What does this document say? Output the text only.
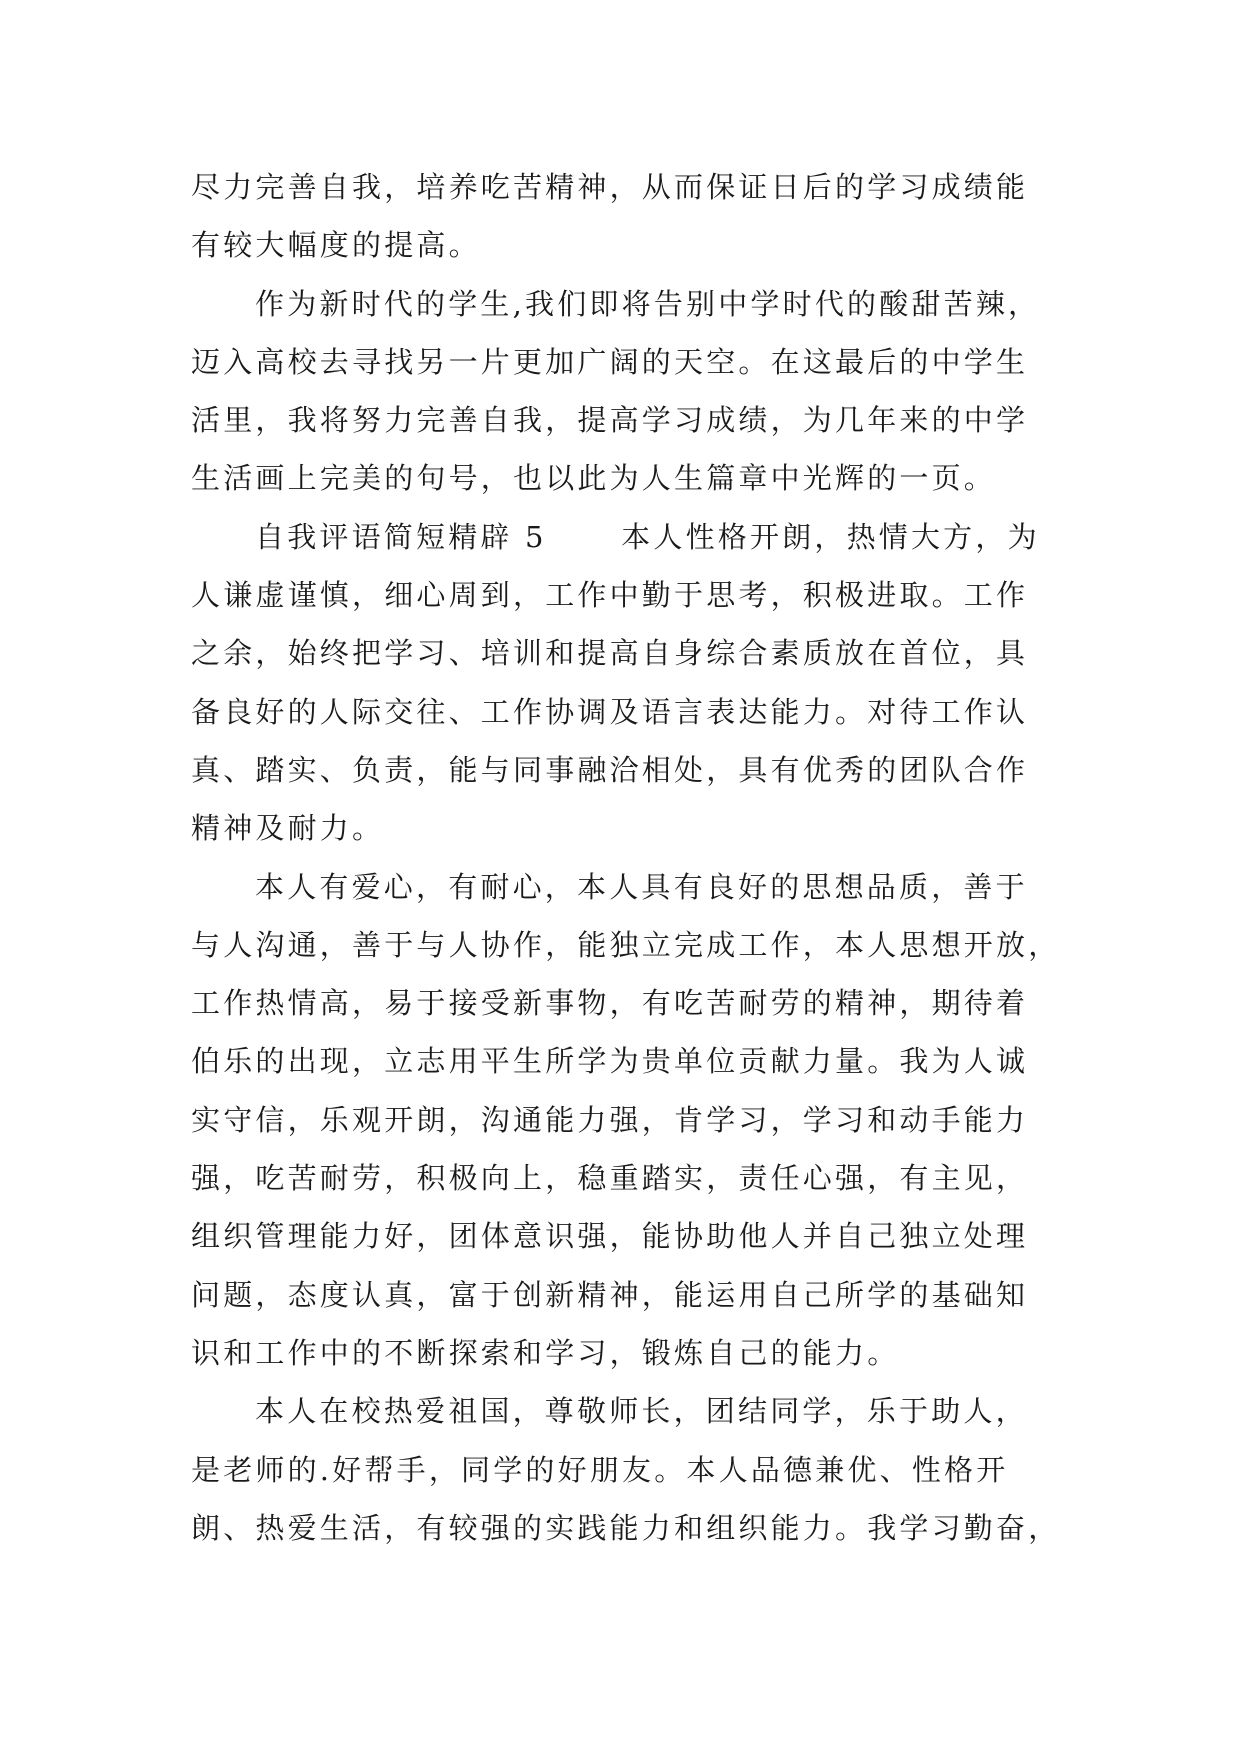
尽力完善自我，培养吃苦精神，从而保证日后的学习成绩能
有较大幅度的提高。
作为新时代的学生,我们即将告别中学时代的酸甜苦辣，
迈入高校去寻找另一片更加广阔的天空。在这最后的中学生
活里，我将努力完善自我，提高学习成绩，为几年来的中学
生活画上完美的句号，也以此为人生篇章中光辉的一页。
自我评语简短精辟 5      本人性格开朗，热情大方，为
人谦虚谨慎，细心周到，工作中勤于思考，积极进取。工作
之余，始终把学习、培训和提高自身综合素质放在首位，具
备良好的人际交往、工作协调及语言表达能力。对待工作认
真、踏实、负责，能与同事融洽相处，具有优秀的团队合作
精神及耐力。
本人有爱心，有耐心，本人具有良好的思想品质，善于
与人沟通，善于与人协作，能独立完成工作，本人思想开放，
工作热情高，易于接受新事物，有吃苦耐劳的精神，期待着
伯乐的出现，立志用平生所学为贵单位贡献力量。我为人诚
实守信，乐观开朗，沟通能力强，肯学习，学习和动手能力
强，吃苦耐劳，积极向上，稳重踏实，责任心强，有主见，
组织管理能力好，团体意识强，能协助他人并自己独立处理
问题，态度认真，富于创新精神，能运用自己所学的基础知
识和工作中的不断探索和学习，锻炼自己的能力。
本人在校热爱祖国，尊敬师长，团结同学，乐于助人，
是老师的.好帮手，同学的好朋友。本人品德兼优、性格开
朗、热爱生活，有较强的实践能力和组织能力。我学习勤奋，
